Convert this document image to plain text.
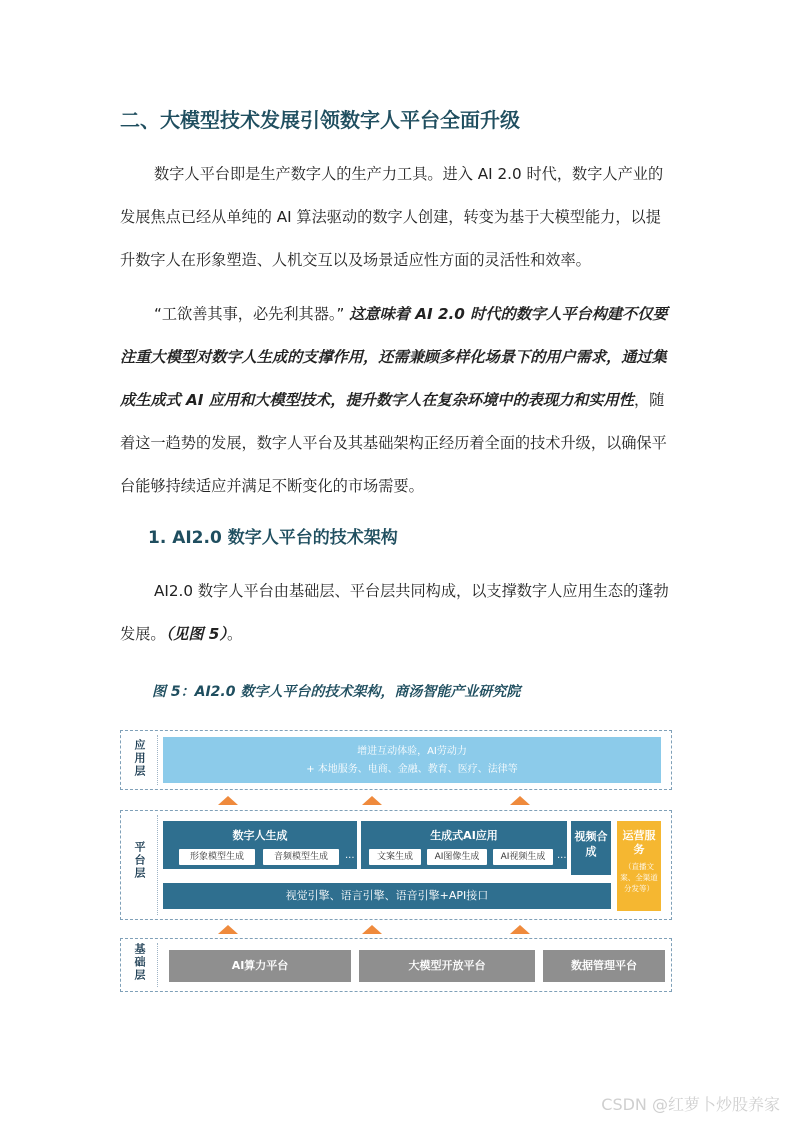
二、大模型技术发展引领数字人平台全面升级
数字人平台即是生产数字人的生产力工具。进入 AI 2.0 时代，数字人产业的发展焦点已经从单纯的 AI 算法驱动的数字人创建，转变为基于大模型能力，以提升数字人在形象塑造、人机交互以及场景适应性方面的灵活性和效率。
“工欲善其事，必先利其器。” 这意味着 AI 2.0 时代的数字人平台构建不仅要注重大模型对数字人生成的支撑作用，还需兼顾多样化场景下的用户需求，通过集成生成式 AI 应用和大模型技术，提升数字人在复杂环境中的表现力和实用性，随着这一趋势的发展，数字人平台及其基础架构正经历着全面的技术升级，以确保平台能够持续适应并满足不断变化的市场需要。
1. AI2.0 数字人平台的技术架构
AI2.0 数字人平台由基础层、平台层共同构成，以支撑数字人应用生态的蓬勃发展。（见图 5）。
图 5：AI2.0 数字人平台的技术架构，商汤智能产业研究院
应用层	增进互动体验，AI劳动力
+ 本地服务、电商、金融、教育、医疗、法律等
平台层
数字人生成
形象模型生成	音频模型生成	...
生成式AI应用
文案生成	AI图像生成	AI视频生成	...
视频合成
运营服务
（直播文案、全渠道分发等）
视觉引擎、语言引擎、语音引擎+API接口
基础层	AI算力平台	大模型开放平台	数据管理平台
CSDN @红萝卜炒股养家
